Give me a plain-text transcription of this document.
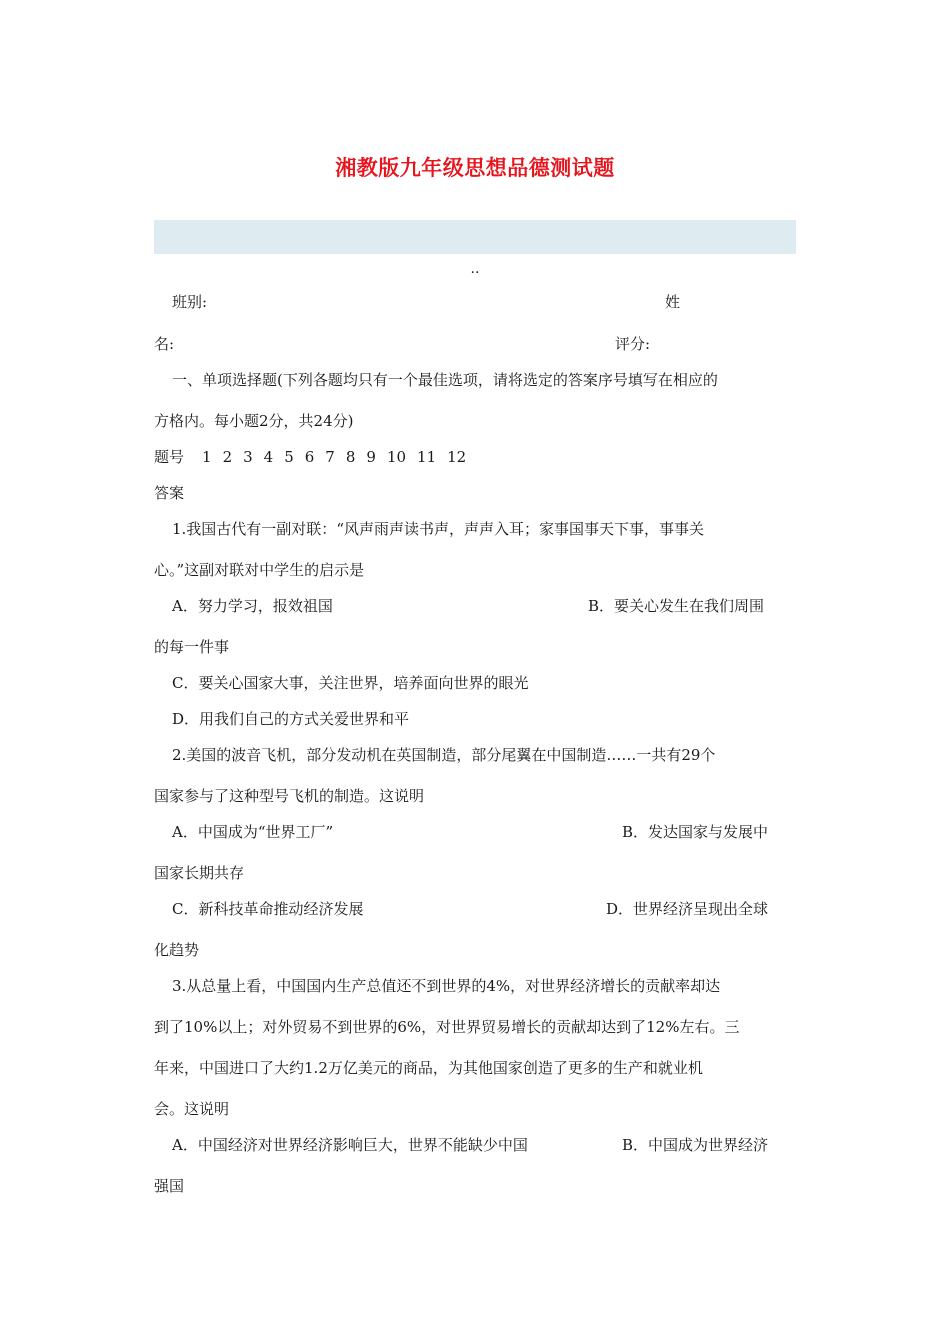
湘教版九年级思想品德测试题
..
班别:	姓
名:	评分:
一、单项选择题(下列各题均只有一个最佳选项，请将选定的答案序号填写在相应的
方格内。每小题2分，共24分)
题号 1 2 3 4 5 6 7 8 9 10 11 12
答案
1.我国古代有一副对联：“风声雨声读书声，声声入耳；家事国事天下事，事事关
心。”这副对联对中学生的启示是
A．努力学习，报效祖国	B．要关心发生在我们周围
的每一件事
C．要关心国家大事，关注世界，培养面向世界的眼光
D．用我们自己的方式关爱世界和平
2.美国的波音飞机，部分发动机在英国制造，部分尾翼在中国制造……一共有29个
国家参与了这种型号飞机的制造。这说明
A．中国成为“世界工厂”	B．发达国家与发展中
国家长期共存
C．新科技革命推动经济发展	D．世界经济呈现出全球
化趋势
3.从总量上看，中国国内生产总值还不到世界的4%，对世界经济增长的贡献率却达
到了10%以上；对外贸易不到世界的6%，对世界贸易增长的贡献却达到了12%左右。三
年来，中国进口了大约1.2万亿美元的商品，为其他国家创造了更多的生产和就业机
会。这说明
A．中国经济对世界经济影响巨大，世界不能缺少中国	B．中国成为世界经济
强国
